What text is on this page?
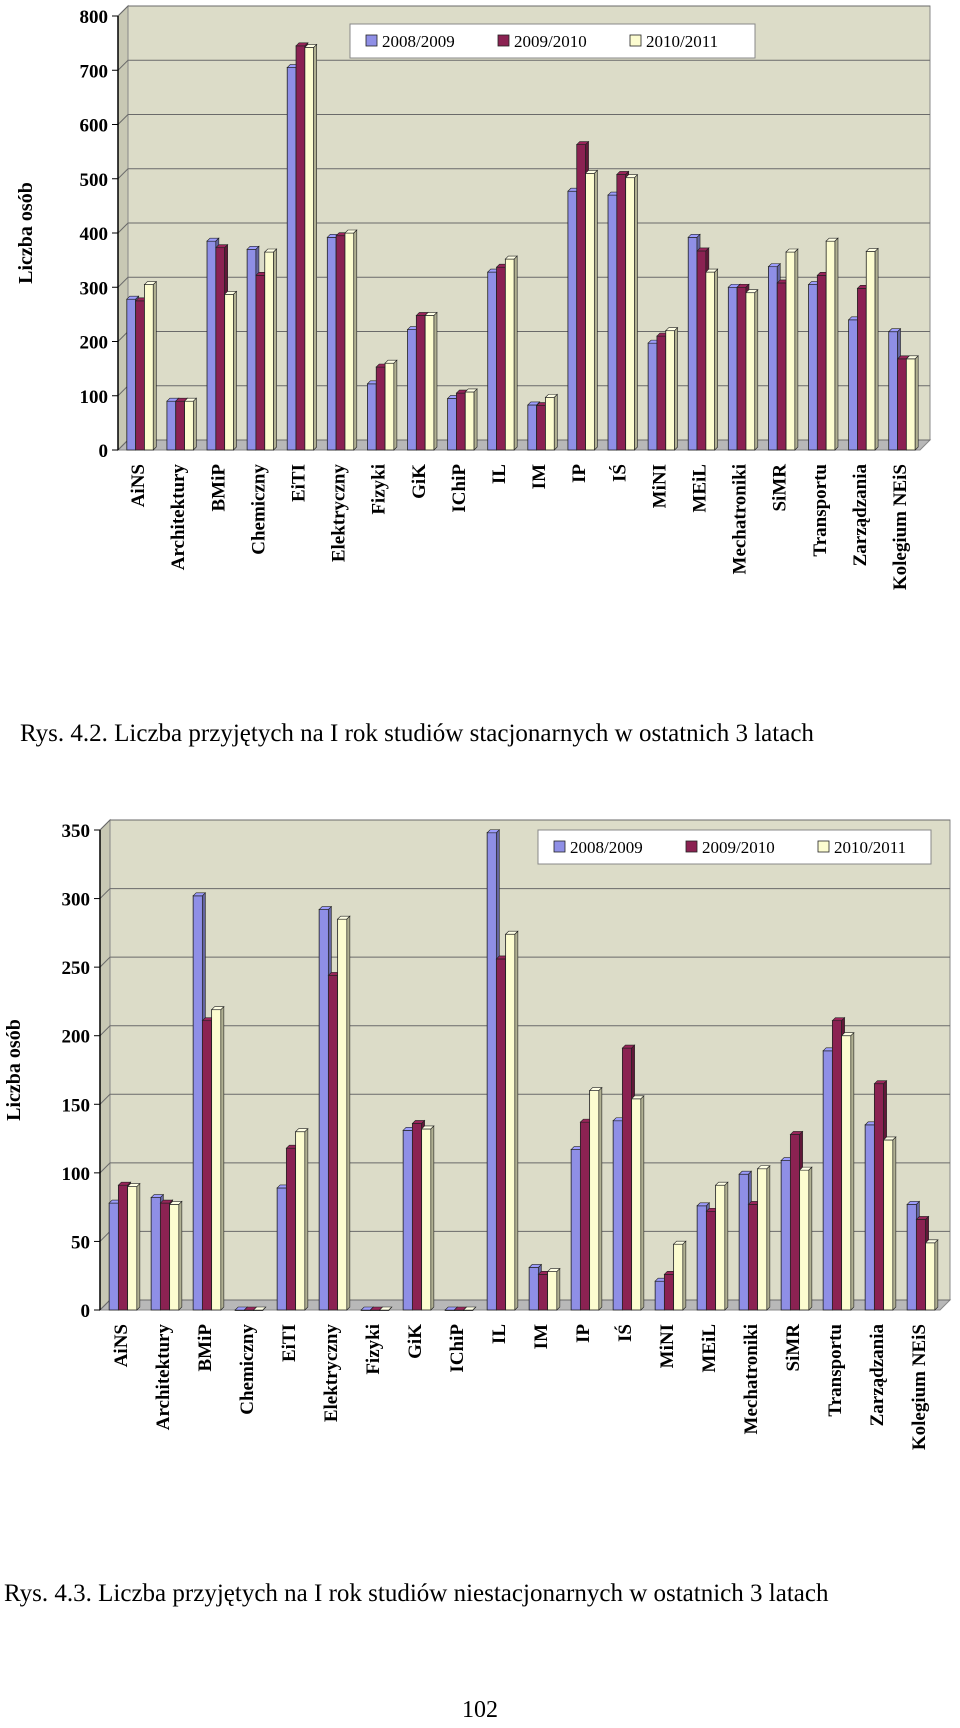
0
100
200
300
400
500
600
700
800
Liczba osób
AiNS Architektury BMiP Chemiczny EiTI Elektryczny Fizyki GiK IChiP IL IM IP IŚ MiNI MEiL Mechatroniki SiMR Transportu Zarządzania Kolegium NEiS
2008/2009	2009/2010	2010/2011
Rys. 4.2. Liczba przyjętych na I rok studiów stacjonarnych w ostatnich 3 latach
0
50
100
150
200
250
300
350
Liczba osób
AiNS Architektury BMiP Chemiczny EiTI Elektryczny Fizyki GiK IChiP IL IM IP IŚ MiNI MEiL Mechatroniki SiMR Transportu Zarządzania Kolegium NEiS
2008/2009	2009/2010	2010/2011
Rys. 4.3. Liczba przyjętych na I rok studiów niestacjonarnych w ostatnich 3 latach
102
